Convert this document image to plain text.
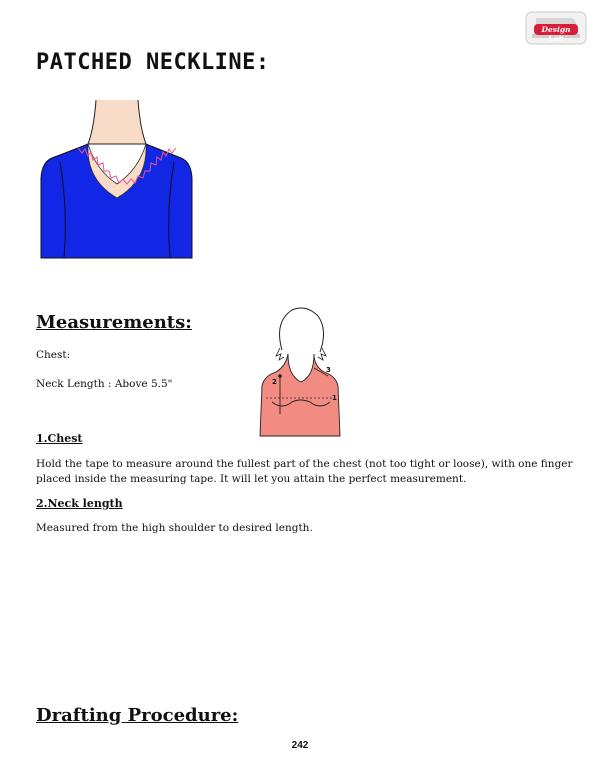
Design Lab
PATCHED NECKLINE:
Measurements:

Chest:

Neck Length : Above 5.5"

1
2
3

1.Chest

Hold the tape to measure around the fullest part of the chest (not too tight or loose), with one finger placed inside the measuring tape. It will let you attain the perfect measurement.

2.Neck length

Measured from the high shoulder to desired length.

Drafting Procedure:
242
